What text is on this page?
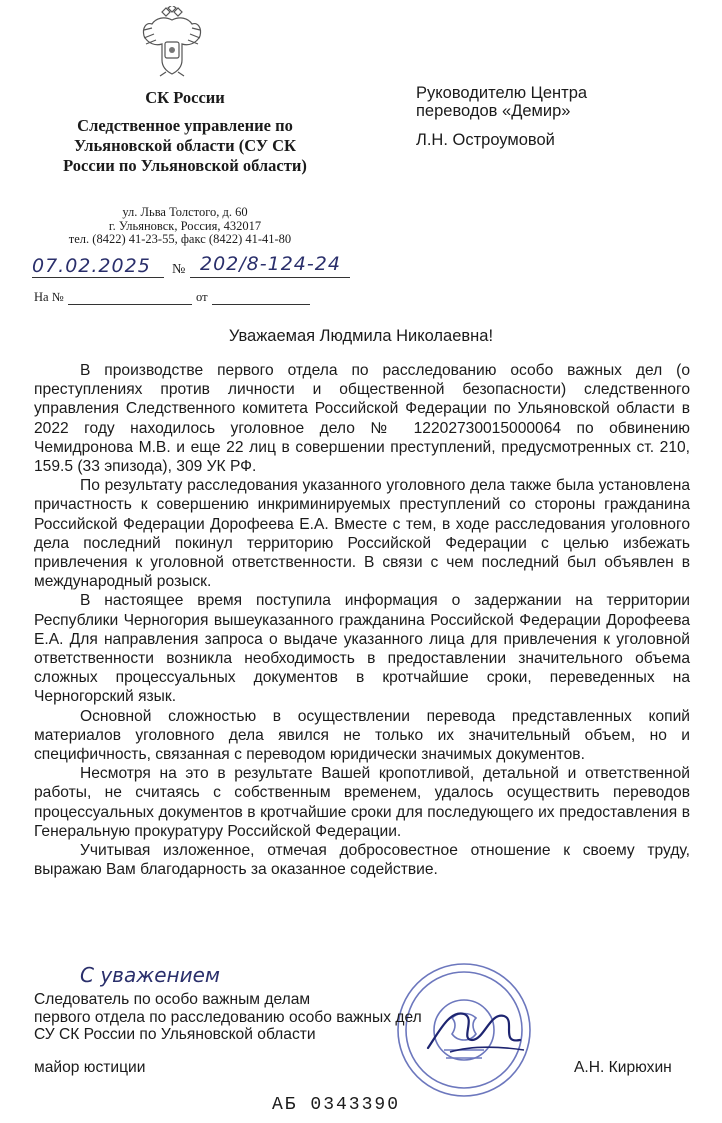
СК России
Следственное управление по Ульяновской области (СУ СК России по Ульяновской области)
ул. Льва Толстого, д. 60
г. Ульяновск, Россия, 432017
тел. (8422) 41-23-55, факс (8422) 41-41-80
07.02.2025 № 202/8-124-24
На №	от
Руководителю Центра переводов «Демир»
Л.Н. Остроумовой
Уважаемая Людмила Николаевна!

В производстве первого отдела по расследованию особо важных дел (о преступлениях против личности и общественной безопасности) следственного управления Следственного комитета Российской Федерации по Ульяновской области в 2022 году находилось уголовное дело № 12202730015000064 по обвинению Чемидронова М.В. и еще 22 лиц в совершении преступлений, предусмотренных ст. 210, 159.5 (33 эпизода), 309 УК РФ.

По результату расследования указанного уголовного дела также была установлена причастность к совершению инкриминируемых преступлений со стороны гражданина Российской Федерации Дорофеева Е.А. Вместе с тем, в ходе расследования уголовного дела последний покинул территорию Российской Федерации с целью избежать привлечения к уголовной ответственности. В связи с чем последний был объявлен в международный розыск.

В настоящее время поступила информация о задержании на территории Республики Черногория вышеуказанного гражданина Российской Федерации Дорофеева Е.А. Для направления запроса о выдаче указанного лица для привлечения к уголовной ответственности возникла необходимость в предоставлении значительного объема сложных процессуальных документов в кротчайшие сроки, переведенных на Черногорский язык.

Основной сложностью в осуществлении перевода представленных копий материалов уголовного дела явился не только их значительный объем, но и специфичность, связанная с переводом юридически значимых документов.

Несмотря на это в результате Вашей кропотливой, детальной и ответственной работы, не считаясь с собственным временем, удалось осуществить переводов процессуальных документов в кротчайшие сроки для последующего их предоставления в Генеральную прокуратуру Российской Федерации.

Учитывая изложенное, отмечая добросовестное отношение к своему труду, выражаю Вам благодарность за оказанное содействие.

С уважением
Следователь по особо важным делам
первого отдела по расследованию особо важных дел
СУ СК России по Ульяновской области
майор юстиции	А.Н. Кирюхин
АБ 0343390
